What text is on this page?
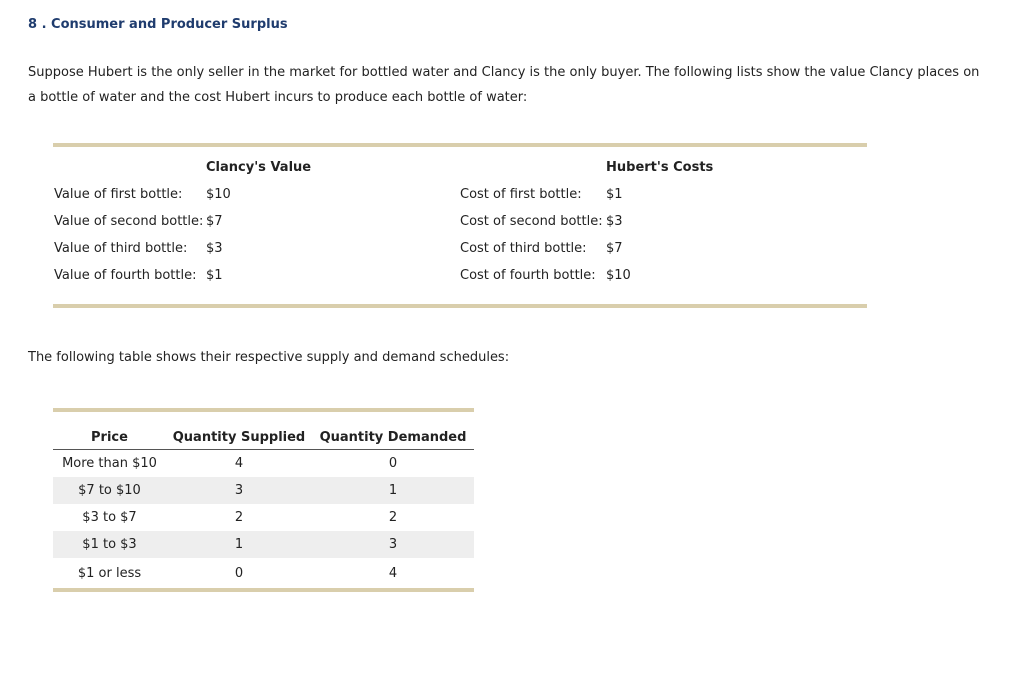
8 . Consumer and Producer Surplus
Suppose Hubert is the only seller in the market for bottled water and Clancy is the only buyer. The following lists show the value Clancy places on a bottle of water and the cost Hubert incurs to produce each bottle of water:
Clancy's Value	Hubert's Costs
Value of first bottle: $10	Cost of first bottle: $1
Value of second bottle: $7	Cost of second bottle: $3
Value of third bottle: $3	Cost of third bottle: $7
Value of fourth bottle: $1	Cost of fourth bottle: $10
The following table shows their respective supply and demand schedules:
Price	Quantity Supplied	Quantity Demanded
More than $10	4	0
$7 to $10	3	1
$3 to $7	2	2
$1 to $3	1	3
$1 or less	0	4
